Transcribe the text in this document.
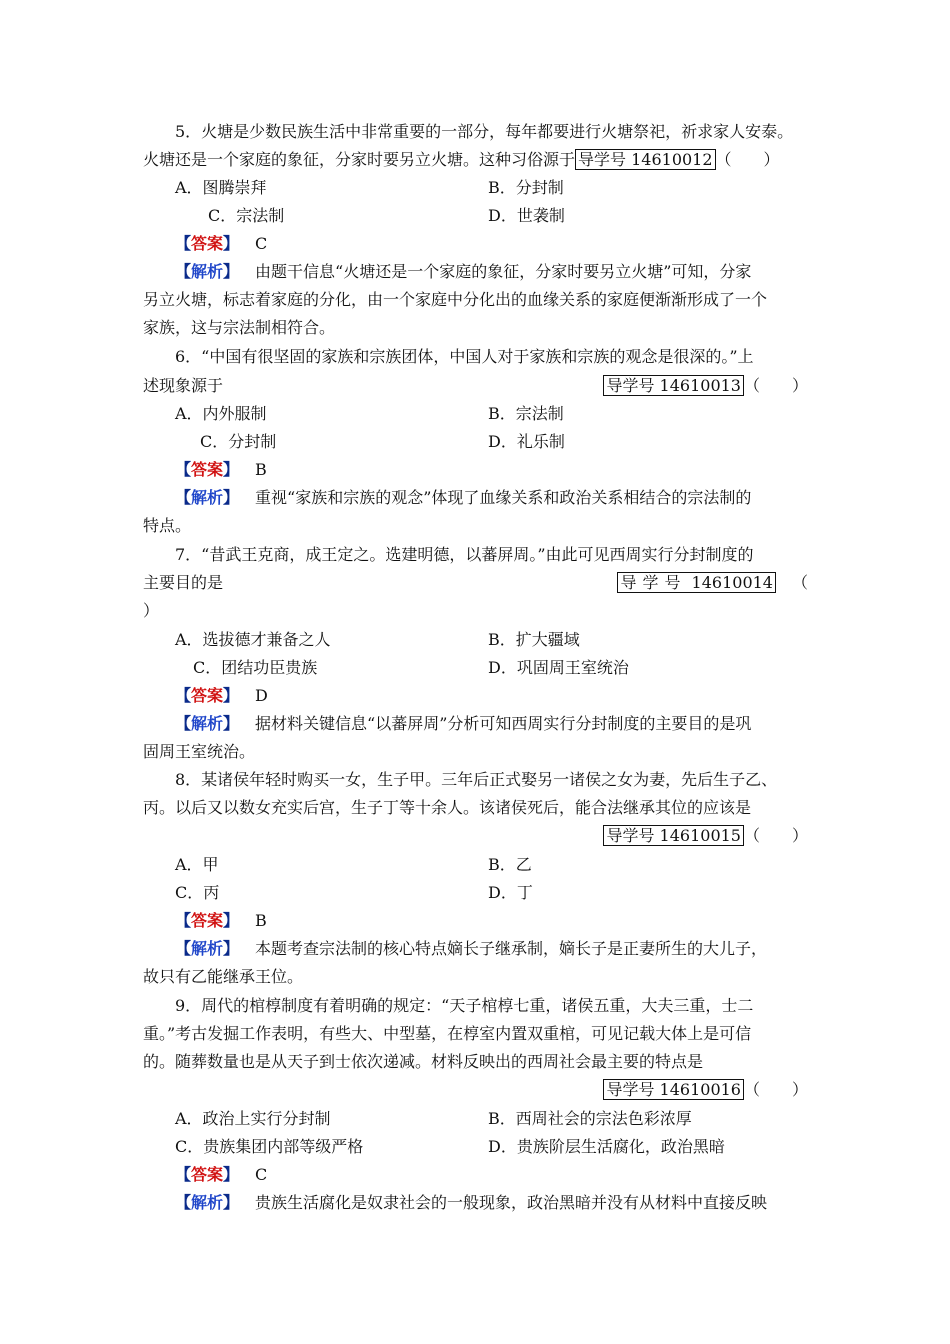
5．火塘是少数民族生活中非常重要的一部分，每年都要进行火塘祭祀，祈求家人安泰。
火塘还是一个家庭的象征，分家时要另立火塘。这种习俗源于 导学号 14610012 （　　）
A．图腾崇拜	B．分封制
C．宗法制	D．世袭制
【答案】 C
【解析】 由题干信息“火塘还是一个家庭的象征，分家时要另立火塘”可知，分家
另立火塘，标志着家庭的分化，由一个家庭中分化出的血缘关系的家庭便渐渐形成了一个
家族，这与宗法制相符合。
6．“中国有很坚固的家族和宗族团体，中国人对于家族和宗族的观念是很深的。”上
述现象源于	导学号 14610013 （　　）
A．内外服制	B．宗法制
C．分封制	D．礼乐制
【答案】 B
【解析】 重视“家族和宗族的观念”体现了血缘关系和政治关系相结合的宗法制的
特点。
7．“昔武王克商，成王定之。选建明德，以蕃屏周。”由此可见西周实行分封制度的
主要目的是	导学号 14610014 （
）
A．选拔德才兼备之人	B．扩大疆域
C．团结功臣贵族	D．巩固周王室统治
【答案】 D
【解析】 据材料关键信息“以蕃屏周”分析可知西周实行分封制度的主要目的是巩
固周王室统治。
8．某诸侯年轻时购买一女，生子甲。三年后正式娶另一诸侯之女为妻，先后生子乙、
丙。以后又以数女充实后宫，生子丁等十余人。该诸侯死后，能合法继承其位的应该是
导学号 14610015 （　　）
A．甲	B．乙
C．丙	D．丁
【答案】 B
【解析】 本题考查宗法制的核心特点嫡长子继承制，嫡长子是正妻所生的大儿子，
故只有乙能继承王位。
9．周代的棺椁制度有着明确的规定：“天子棺椁七重，诸侯五重，大夫三重，士二
重。”考古发掘工作表明，有些大、中型墓，在椁室内置双重棺，可见记载大体上是可信
的。随葬数量也是从天子到士依次递减。材料反映出的西周社会最主要的特点是
导学号 14610016 （　　）
A．政治上实行分封制	B．西周社会的宗法色彩浓厚
C．贵族集团内部等级严格	D．贵族阶层生活腐化，政治黑暗
【答案】 C
【解析】 贵族生活腐化是奴隶社会的一般现象，政治黑暗并没有从材料中直接反映
